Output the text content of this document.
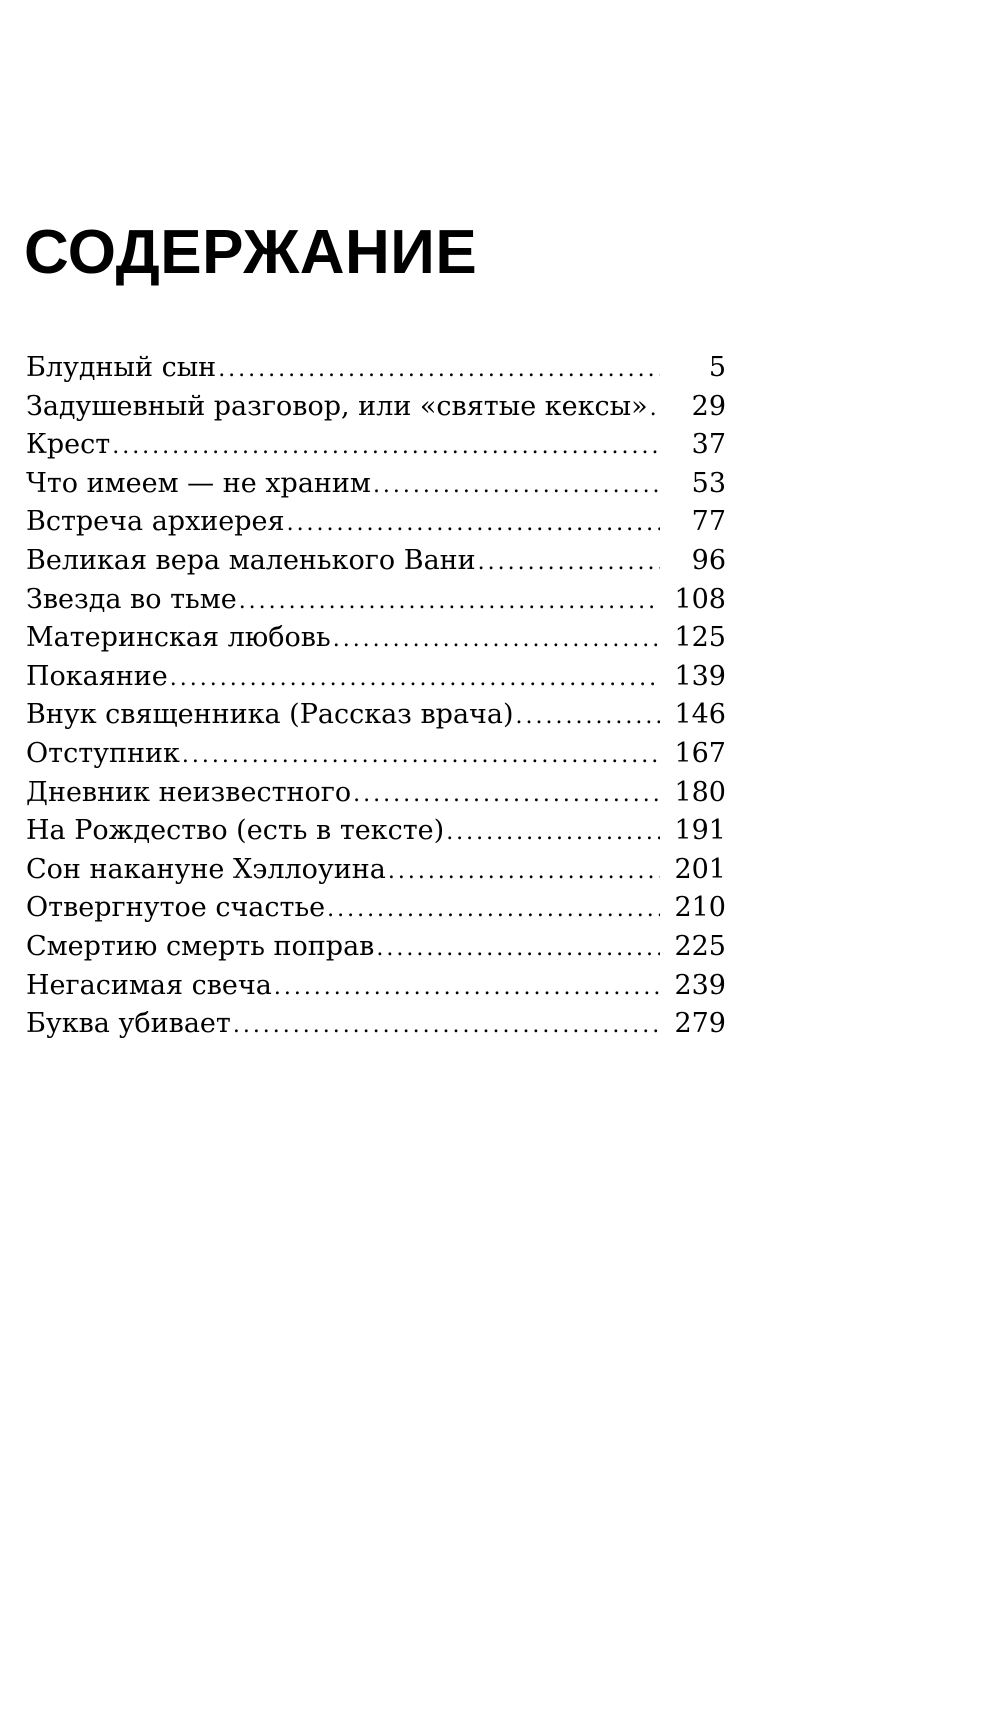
СОДЕРЖАНИЕ
Блудный сын . . .	5
Задушевный разговор, или «святые кексы» . . .	29
Крест . . .	37
Что имеем — не храним . . .	53
Встреча архиерея . . .	77
Великая вера маленького Вани . . .	96
Звезда во тьме . . .	108
Материнская любовь . . .	125
Покаяние . . .	139
Внук священника (Рассказ врача) . . .	146
Отступник . . .	167
Дневник неизвестного . . .	180
На Рождество (есть в тексте) . . .	191
Сон накануне Хэллоуина . . .	201
Отвергнутое счастье . . .	210
Смертию смерть поправ . . .	225
Негасимая свеча . . .	239
Буква убивает . . .	279
